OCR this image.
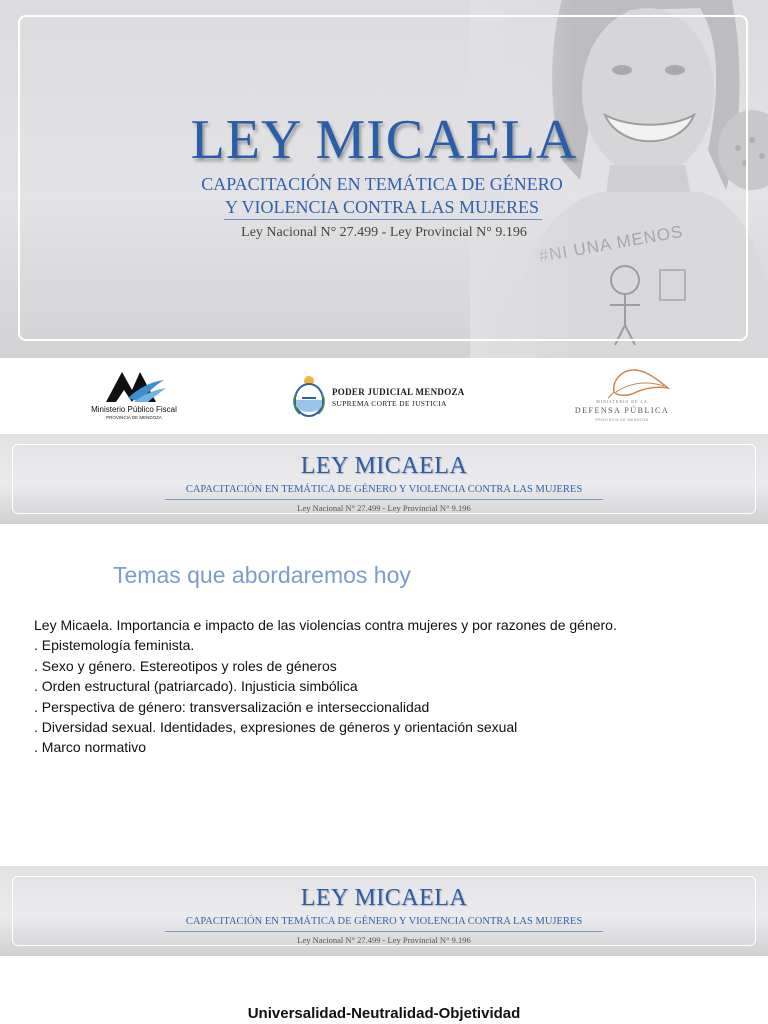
LEY MICAELA
CAPACITACIÓN EN TEMÁTICA DE GÉNERO
Y VIOLENCIA CONTRA LAS MUJERES
Ley Nacional N° 27.499 - Ley Provincial N° 9.196
Ministerio Público Fiscal
PROVINCIA DE MENDOZA
PODER JUDICIAL MENDOZA
SUPREMA CORTE DE JUSTICIA	MINISTERIO DE LA
DEFENSA PÚBLICA
PROVINCIA DE MENDOZA
LEY MICAELA
CAPACITACIÓN EN TEMÁTICA DE GÉNERO Y VIOLENCIA CONTRA LAS MUJERES
Ley Nacional N° 27.499 - Ley Provincial N° 9.196
Temas que abordaremos hoy
Ley Micaela. Importancia e impacto de las violencias contra mujeres y por razones de género.
. Epistemología feminista.
. Sexo y género. Estereotipos y roles de géneros
. Orden estructural (patriarcado). Injusticia simbólica
. Perspectiva de género: transversalización e interseccionalidad
. Diversidad sexual. Identidades, expresiones de géneros y orientación sexual
. Marco normativo
LEY MICAELA
CAPACITACIÓN EN TEMÁTICA DE GÉNERO Y VIOLENCIA CONTRA LAS MUJERES
Ley Nacional N° 27.499 - Ley Provincial N° 9.196
Universalidad-Neutralidad-Objetividad
